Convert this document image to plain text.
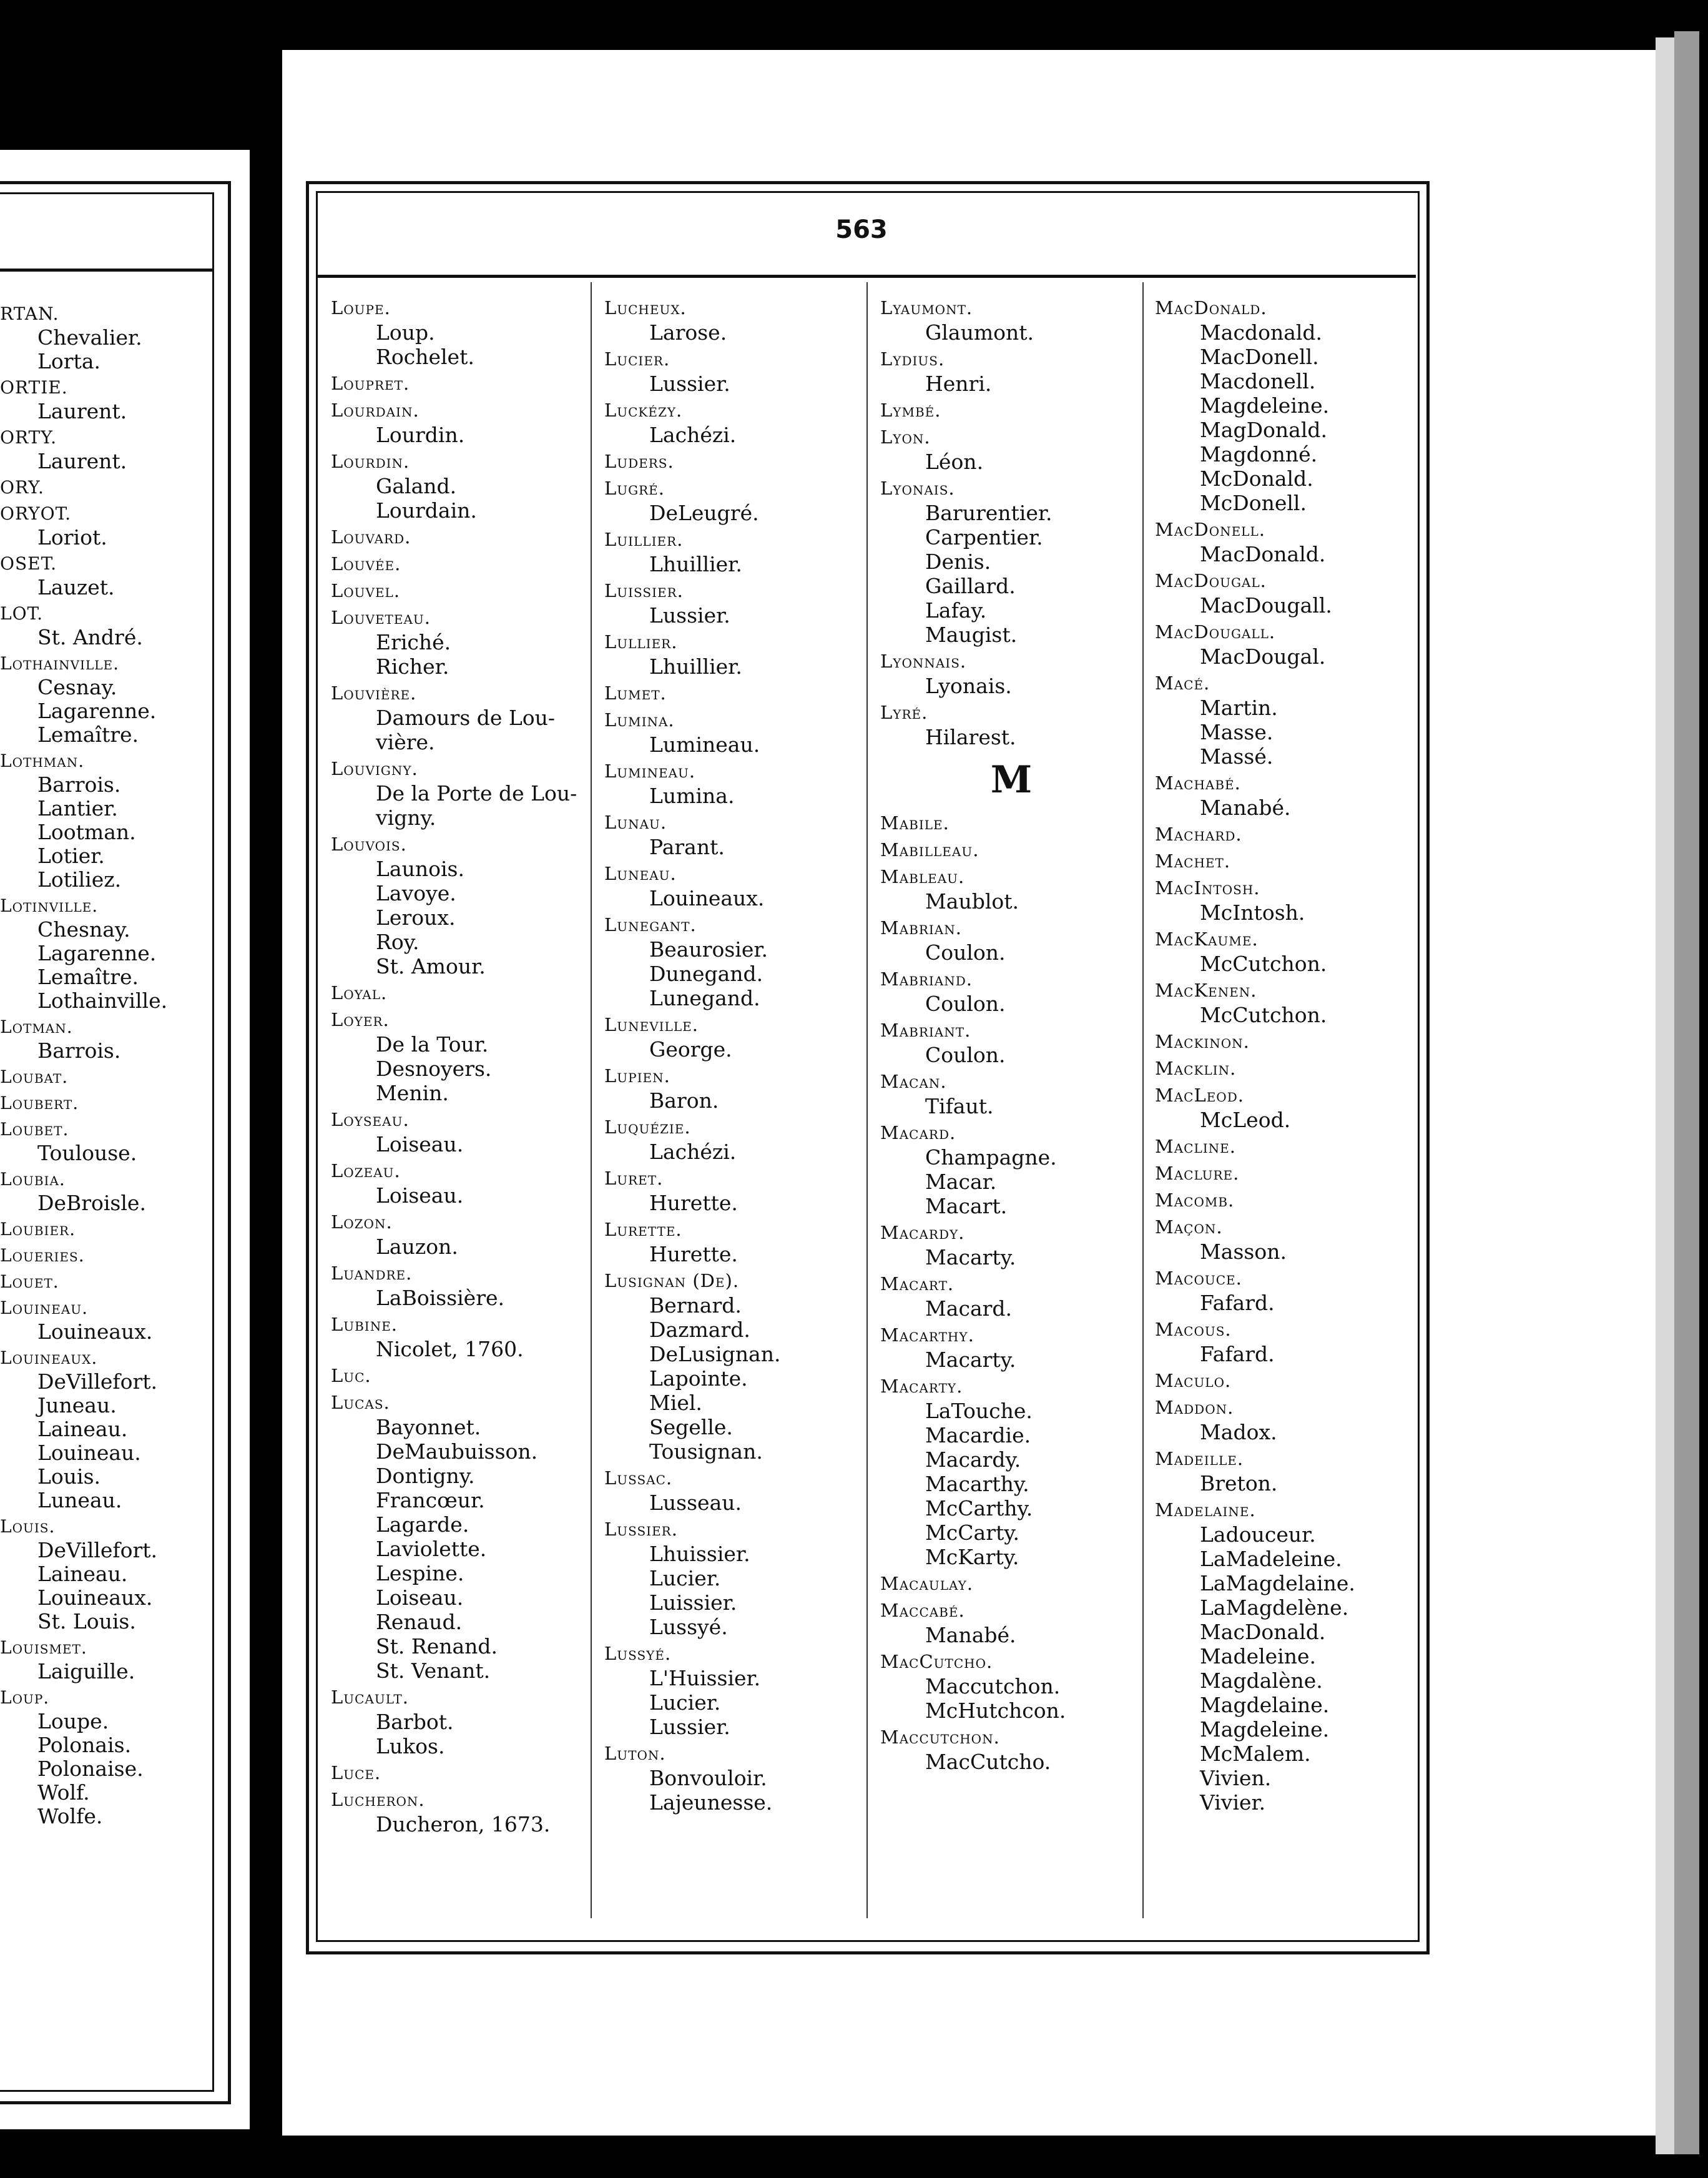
RTAN.
Chevalier.
Lorta.
ORTIE.
Laurent.
ORTY.
Laurent.
ORY.
ORYOT.
Loriot.
OSET.
Lauzet.
LOT.
St. André.
Lothainville.
Cesnay.
Lagarenne.
Lemaître.
Lothman.
Barrois.
Lantier.
Lootman.
Lotier.
Lotiliez.
Lotinville.
Chesnay.
Lagarenne.
Lemaître.
Lothainville.
Lotman.
Barrois.
Loubat.
Loubert.
Loubet.
Toulouse.
Loubia.
DeBroisle.
Loubier.
Loueries.
Louet.
Louineau.
Louineaux.
Louineaux.
DeVillefort.
Juneau.
Laineau.
Louineau.
Louis.
Luneau.
Louis.
DeVillefort.
Laineau.
Louineaux.
St. Louis.
Louismet.
Laiguille.
Loup.
Loupe.
Polonais.
Polonaise.
Wolf.
Wolfe.
563
Loupe.
Loup.
Rochelet.
Loupret.
Lourdain.
Lourdin.
Lourdin.
Galand.
Lourdain.
Louvard.
Louvée.
Louvel.
Louveteau.
Eriché.
Richer.
Louvière.
Damours de Lou-
vière.
Louvigny.
De la Porte de Lou-
vigny.
Louvois.
Launois.
Lavoye.
Leroux.
Roy.
St. Amour.
Loyal.
Loyer.
De la Tour.
Desnoyers.
Menin.
Loyseau.
Loiseau.
Lozeau.
Loiseau.
Lozon.
Lauzon.
Luandre.
LaBoissière.
Lubine.
Nicolet, 1760.
Luc.
Lucas.
Bayonnet.
DeMaubuisson.
Dontigny.
Francœur.
Lagarde.
Laviolette.
Lespine.
Loiseau.
Renaud.
St. Renand.
St. Venant.
Lucault.
Barbot.
Lukos.
Luce.
Lucheron.
Ducheron, 1673.
Lucheux.
Larose.
Lucier.
Lussier.
Luckézy.
Lachézi.
Luders.
Lugré.
DeLeugré.
Luillier.
Lhuillier.
Luissier.
Lussier.
Lullier.
Lhuillier.
Lumet.
Lumina.
Lumineau.
Lumineau.
Lumina.
Lunau.
Parant.
Luneau.
Louineaux.
Lunegant.
Beaurosier.
Dunegand.
Lunegand.
Luneville.
George.
Lupien.
Baron.
Luquézie.
Lachézi.
Luret.
Hurette.
Lurette.
Hurette.
Lusignan (De).
Bernard.
Dazmard.
DeLusignan.
Lapointe.
Miel.
Segelle.
Tousignan.
Lussac.
Lusseau.
Lussier.
Lhuissier.
Lucier.
Luissier.
Lussyé.
Lussyé.
L'Huissier.
Lucier.
Lussier.
Luton.
Bonvouloir.
Lajeunesse.
Lyaumont.
Glaumont.
Lydius.
Henri.
Lymbé.
Lyon.
Léon.
Lyonais.
Barurentier.
Carpentier.
Denis.
Gaillard.
Lafay.
Maugist.
Lyonnais.
Lyonais.
Lyré.
Hilarest.
M
Mabile.
Mabilleau.
Mableau.
Maublot.
Mabrian.
Coulon.
Mabriand.
Coulon.
Mabriant.
Coulon.
Macan.
Tifaut.
Macard.
Champagne.
Macar.
Macart.
Macardy.
Macarty.
Macart.
Macard.
Macarthy.
Macarty.
Macarty.
LaTouche.
Macardie.
Macardy.
Macarthy.
McCarthy.
McCarty.
McKarty.
Macaulay.
Maccabé.
Manabé.
MacCutcho.
Maccutchon.
McHutchcon.
Maccutchon.
MacCutcho.
MacDonald.
Macdonald.
MacDonell.
Macdonell.
Magdeleine.
MagDonald.
Magdonné.
McDonald.
McDonell.
MacDonell.
MacDonald.
MacDougal.
MacDougall.
MacDougall.
MacDougal.
Macé.
Martin.
Masse.
Massé.
Machabé.
Manabé.
Machard.
Machet.
MacIntosh.
McIntosh.
MacKaume.
McCutchon.
MacKenen.
McCutchon.
Mackinon.
Macklin.
MacLeod.
McLeod.
Macline.
Maclure.
Macomb.
Maçon.
Masson.
Macouce.
Fafard.
Macous.
Fafard.
Maculo.
Maddon.
Madox.
Madeille.
Breton.
Madelaine.
Ladouceur.
LaMadeleine.
LaMagdelaine.
LaMagdelène.
MacDonald.
Madeleine.
Magdalène.
Magdelaine.
Magdeleine.
McMalem.
Vivien.
Vivier.
